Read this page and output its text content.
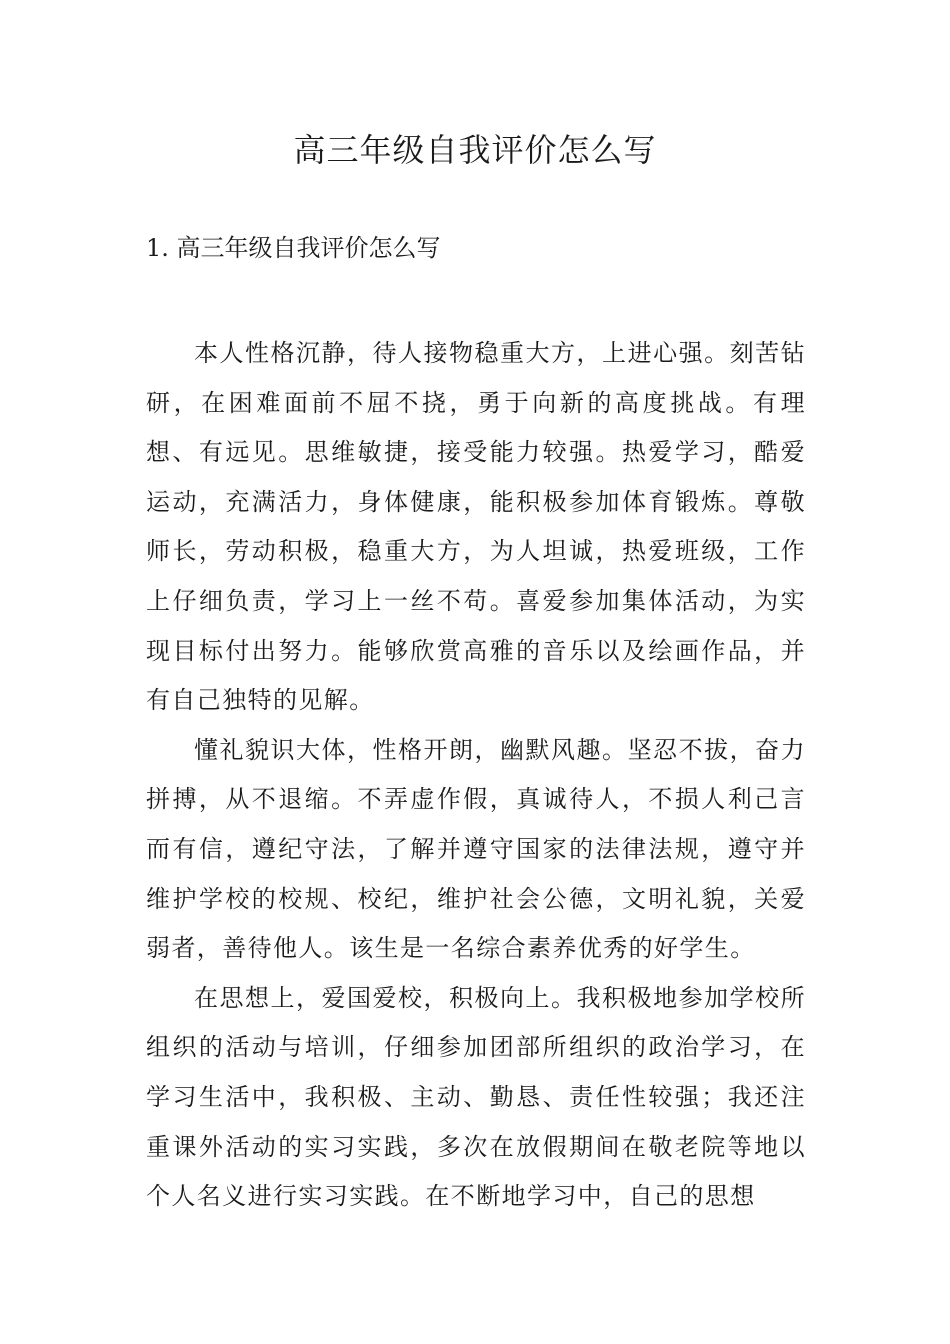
高三年级自我评价怎么写
1. 高三年级自我评价怎么写

本人性格沉静，待人接物稳重大方，上进心强。刻苦钻研，在困难面前不屈不挠，勇于向新的高度挑战。有理想、有远见。思维敏捷，接受能力较强。热爱学习，酷爱运动，充满活力，身体健康，能积极参加体育锻炼。尊敬师长，劳动积极，稳重大方，为人坦诚，热爱班级，工作上仔细负责，学习上一丝不苟。喜爱参加集体活动，为实现目标付出努力。能够欣赏高雅的音乐以及绘画作品，并有自己独特的见解。

懂礼貌识大体，性格开朗，幽默风趣。坚忍不拔，奋力拼搏，从不退缩。不弄虚作假，真诚待人，不损人利己言而有信，遵纪守法，了解并遵守国家的法律法规，遵守并维护学校的校规、校纪，维护社会公德，文明礼貌，关爱弱者，善待他人。该生是一名综合素养优秀的好学生。

在思想上，爱国爱校，积极向上。我积极地参加学校所组织的活动与培训，仔细参加团部所组织的政治学习，在学习生活中，我积极、主动、勤恳、责任性较强；我还注重课外活动的实习实践，多次在放假期间在敬老院等地以个人名义进行实习实践。在不断地学习中，自己的思想
